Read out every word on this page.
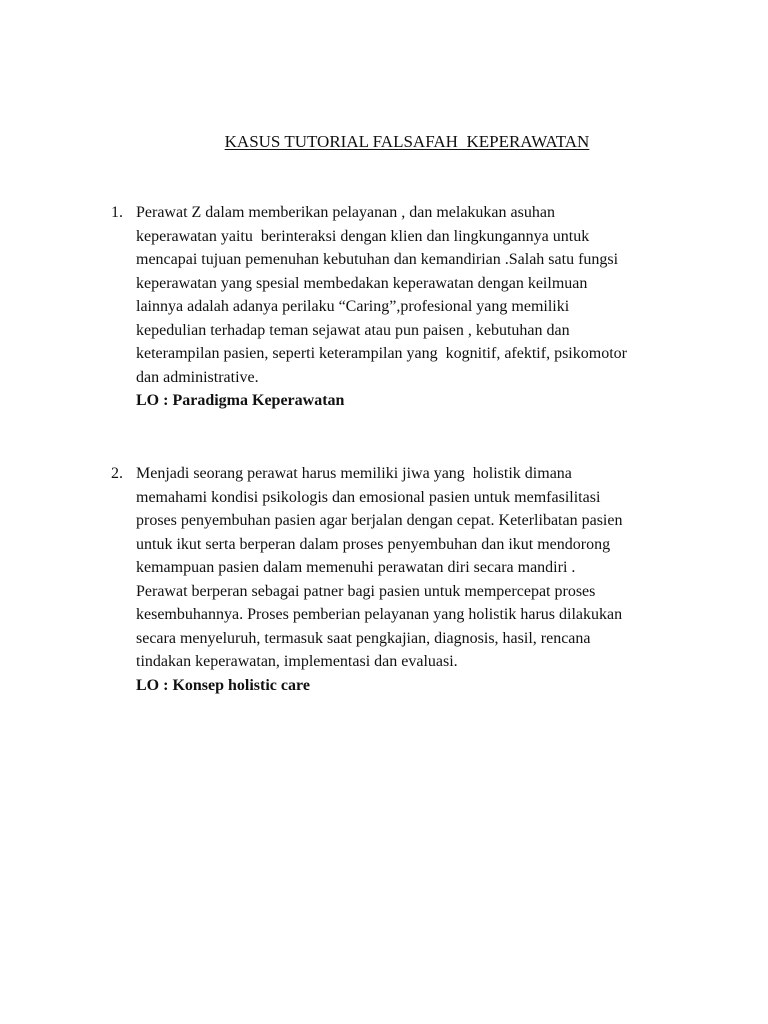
KASUS TUTORIAL FALSAFAH  KEPERAWATAN
1. Perawat Z dalam memberikan pelayanan , dan melakukan asuhan
keperawatan yaitu  berinteraksi dengan klien dan lingkungannya untuk
mencapai tujuan pemenuhan kebutuhan dan kemandirian .Salah satu fungsi
keperawatan yang spesial membedakan keperawatan dengan keilmuan
lainnya adalah adanya perilaku “Caring”,profesional yang memiliki
kepedulian terhadap teman sejawat atau pun paisen , kebutuhan dan
keterampilan pasien, seperti keterampilan yang  kognitif, afektif, psikomotor
dan administrative.
LO : Paradigma Keperawatan
2. Menjadi seorang perawat harus memiliki jiwa yang  holistik dimana
memahami kondisi psikologis dan emosional pasien untuk memfasilitasi
proses penyembuhan pasien agar berjalan dengan cepat. Keterlibatan pasien
untuk ikut serta berperan dalam proses penyembuhan dan ikut mendorong
kemampuan pasien dalam memenuhi perawatan diri secara mandiri .
Perawat berperan sebagai patner bagi pasien untuk mempercepat proses
kesembuhannya. Proses pemberian pelayanan yang holistik harus dilakukan
secara menyeluruh, termasuk saat pengkajian, diagnosis, hasil, rencana
tindakan keperawatan, implementasi dan evaluasi.
LO : Konsep holistic care
